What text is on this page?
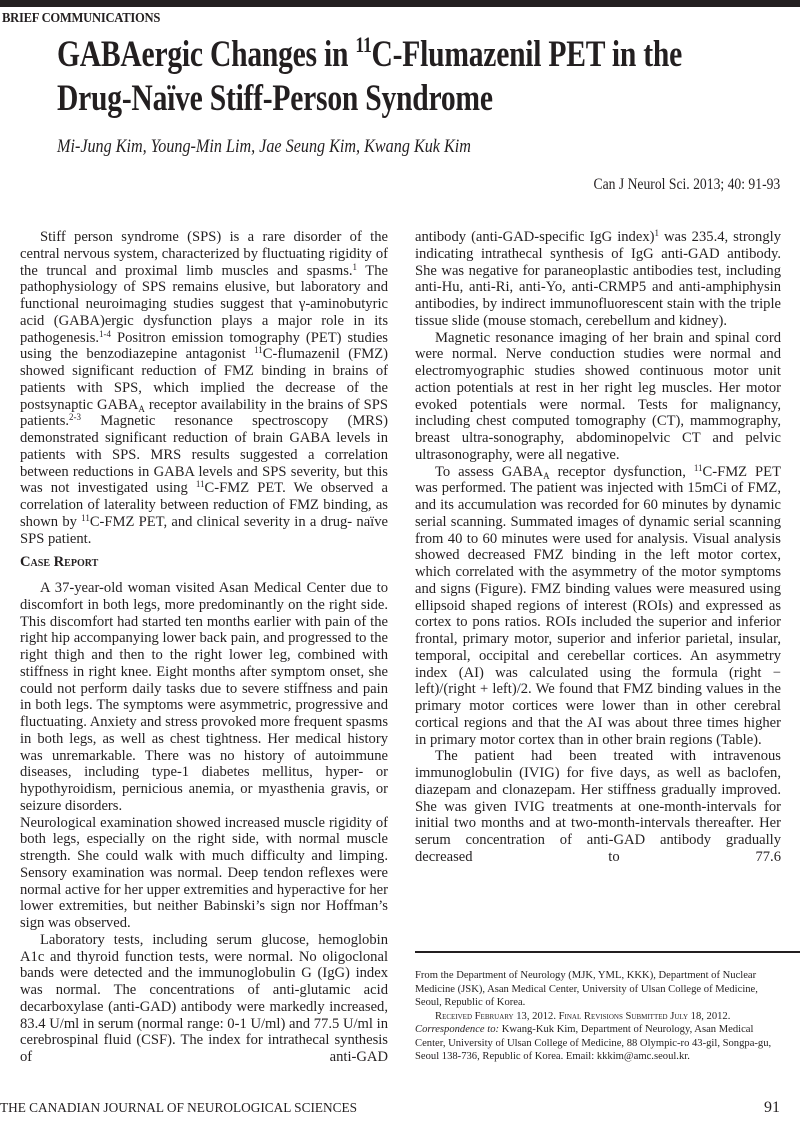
BRIEF COMMUNICATIONS
GABAergic Changes in $^{11}$C-Flumazenil PET in the
Drug-Naïve Stiff-Person Syndrome
Mi-Jung Kim, Young-Min Lim, Jae Seung Kim, Kwang Kuk Kim
Can J Neurol Sci. 2013; 40: 91-93

Stiff person syndrome (SPS) is a rare disorder of the central nervous system, characterized by fluctuating rigidity of the truncal and proximal limb muscles and spasms.$^1$ The pathophysiology of SPS remains elusive, but laboratory and functional neuroimaging studies suggest that γ-aminobutyric acid (GABA)ergic dysfunction plays a major role in its pathogenesis.$^{1-4}$ Positron emission tomography (PET) studies using the benzodiazepine antagonist $^{11}$C-flumazenil (FMZ) showed significant reduction of FMZ binding in brains of patients with SPS, which implied the decrease of the postsynaptic $GABA_A$ receptor availability in the brains of SPS patients.$^{2-3}$ Magnetic resonance spectroscopy (MRS) demonstrated significant reduction of brain GABA levels in patients with SPS. MRS results suggested a correlation between reductions in GABA levels and SPS severity, but this was not investigated using $^{11}$C-FMZ PET. We observed a correlation of laterality between reduction of FMZ binding, as shown by $^{11}$C-FMZ PET, and clinical severity in a drug- naïve SPS patient.

Case Report

A 37-year-old woman visited Asan Medical Center due to discomfort in both legs, more predominantly on the right side. This discomfort had started ten months earlier with pain of the right hip accompanying lower back pain, and progressed to the right thigh and then to the right lower leg, combined with stiffness in right knee. Eight months after symptom onset, she could not perform daily tasks due to severe stiffness and pain in both legs. The symptoms were asymmetric, progressive and fluctuating. Anxiety and stress provoked more frequent spasms in both legs, as well as chest tightness. Her medical history was unremarkable. There was no history of autoimmune diseases, including type-1 diabetes mellitus, hyper- or hypothyroidism, pernicious anemia, or myasthenia gravis, or seizure disorders.

Neurological examination showed increased muscle rigidity of both legs, especially on the right side, with normal muscle strength. She could walk with much difficulty and limping. Sensory examination was normal. Deep tendon reflexes were normal active for her upper extremities and hyperactive for her lower extremities, but neither Babinski’s sign nor Hoffman’s sign was observed.

Laboratory tests, including serum glucose, hemoglobin A1c and thyroid function tests, were normal. No oligoclonal bands were detected and the immunoglobulin G (IgG) index was normal. The concentrations of anti-glutamic acid decarboxylase (anti-GAD) antibody were markedly increased, 83.4 U/ml in serum (normal range: 0-1 U/ml) and 77.5 U/ml in cerebrospinal fluid (CSF). The index for intrathecal synthesis of anti-GAD

antibody (anti-GAD-specific IgG index)$^1$ was 235.4, strongly indicating intrathecal synthesis of IgG anti-GAD antibody. She was negative for paraneoplastic antibodies test, including anti-Hu, anti-Ri, anti-Yo, anti-CRMP5 and anti-amphiphysin antibodies, by indirect immunofluorescent stain with the triple tissue slide (mouse stomach, cerebellum and kidney).

Magnetic resonance imaging of her brain and spinal cord were normal. Nerve conduction studies were normal and electromyographic studies showed continuous motor unit action potentials at rest in her right leg muscles. Her motor evoked potentials were normal. Tests for malignancy, including chest computed tomography (CT), mammography, breast ultra-sonography, abdominopelvic CT and pelvic ultrasonography, were all negative.

To assess $GABA_A$ receptor dysfunction, $^{11}$C-FMZ PET was performed. The patient was injected with 15mCi of FMZ, and its accumulation was recorded for 60 minutes by dynamic serial scanning. Summated images of dynamic serial scanning from 40 to 60 minutes were used for analysis. Visual analysis showed decreased FMZ binding in the left motor cortex, which correlated with the asymmetry of the motor symptoms and signs (Figure). FMZ binding values were measured using ellipsoid shaped regions of interest (ROIs) and expressed as cortex to pons ratios. ROIs included the superior and inferior frontal, primary motor, superior and inferior parietal, insular, temporal, occipital and cerebellar cortices. An asymmetry index (AI) was calculated using the formula (right − left)/(right + left)/2. We found that FMZ binding values in the primary motor cortices were lower than in other cerebral cortical regions and that the AI was about three times higher in primary motor cortex than in other brain regions (Table).

The patient had been treated with intravenous immunoglobulin (IVIG) for five days, as well as baclofen, diazepam and clonazepam. Her stiffness gradually improved. She was given IVIG treatments at one-month-intervals for initial two months and at two-month-intervals thereafter. Her serum concentration of anti-GAD antibody gradually decreased to 77.6

From the Department of Neurology (MJK, YML, KKK), Department of Nuclear Medicine (JSK), Asan Medical Center, University of Ulsan College of Medicine, Seoul, Republic of Korea.

Received February 13, 2012. Final Revisions Submitted July 18, 2012.

Correspondence to: Kwang-Kuk Kim, Department of Neurology, Asan Medical Center, University of Ulsan College of Medicine, 88 Olympic-ro 43-gil, Songpa-gu, Seoul 138-736, Republic of Korea. Email: kkkim@amc.seoul.kr.

THE CANADIAN JOURNAL OF NEUROLOGICAL SCIENCES	91
